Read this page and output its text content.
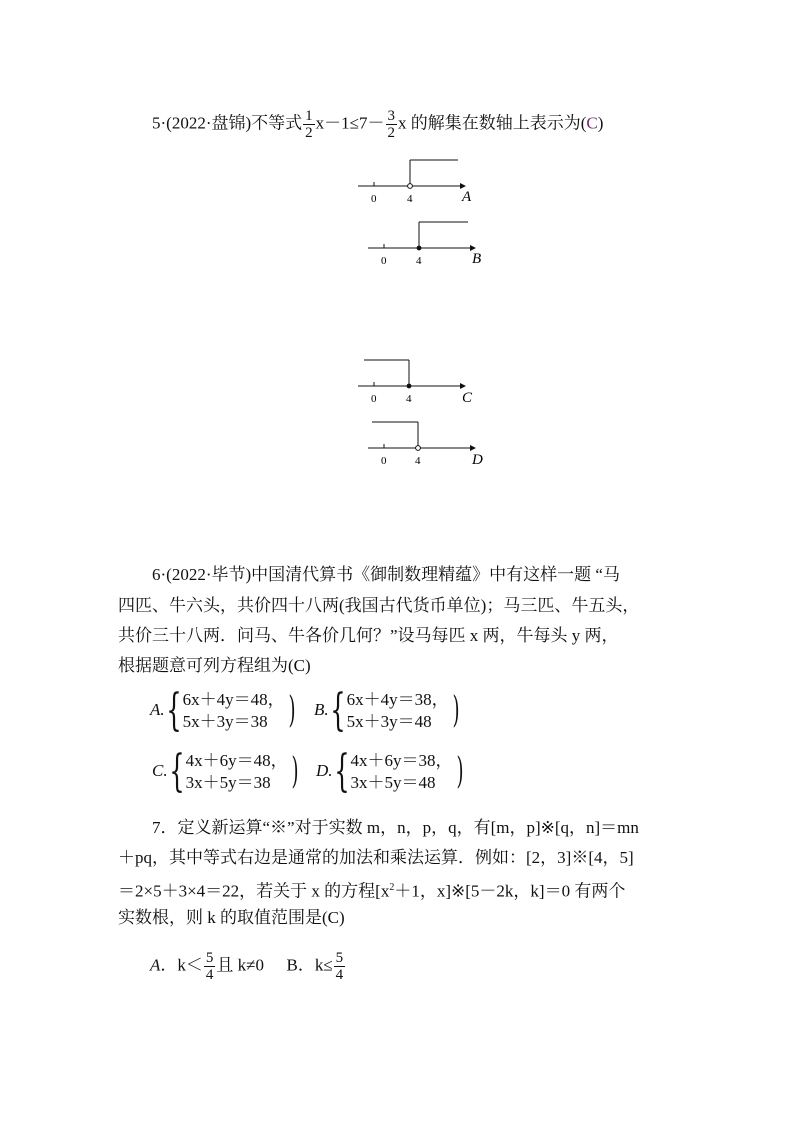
5·(2022·盘锦)不等式 $\frac{1}{2} x-1\le 7- \frac{3}{2}$ x 的解集在数轴上表示为(C)
0	4	A
0	4	B
0	4	C
0	4	D
6·(2022·毕节)中国清代算书《御制数理精蕴》中有这样一题 “马
四匹、牛六头，共价四十八两(我国古代货币单位)；马三匹、牛五头，
共价三十八两．问马、牛各价几何？”设马每匹 x 两，牛每头 y 两，
根据题意可列方程组为(C)
A.{ 6x＋4y＝48，
5x＋3y＝38 ) B.{ 6x＋4y＝38，
5x＋3y＝48 )
C.{ 4x＋6y＝48，
3x＋5y＝38 ) D.{ 4x＋6y＝38，
3x＋5y＝48 )
7．定义新运算“※”对于实数 m，n，p，q，有[m，p]※[q，n]＝mn
＋pq，其中等式右边是通常的加法和乘法运算．例如：[2，3]※[4，5]
＝2×5＋3×4＝22，若关于 x 的方程[$x^2+1$，x]※[5－2k，k]＝0 有两个
实数根，则 k 的取值范围是(C)
A．$k< \frac{5}{4}$ 且 k≠0 B．$k\le \frac{5}{4}$
